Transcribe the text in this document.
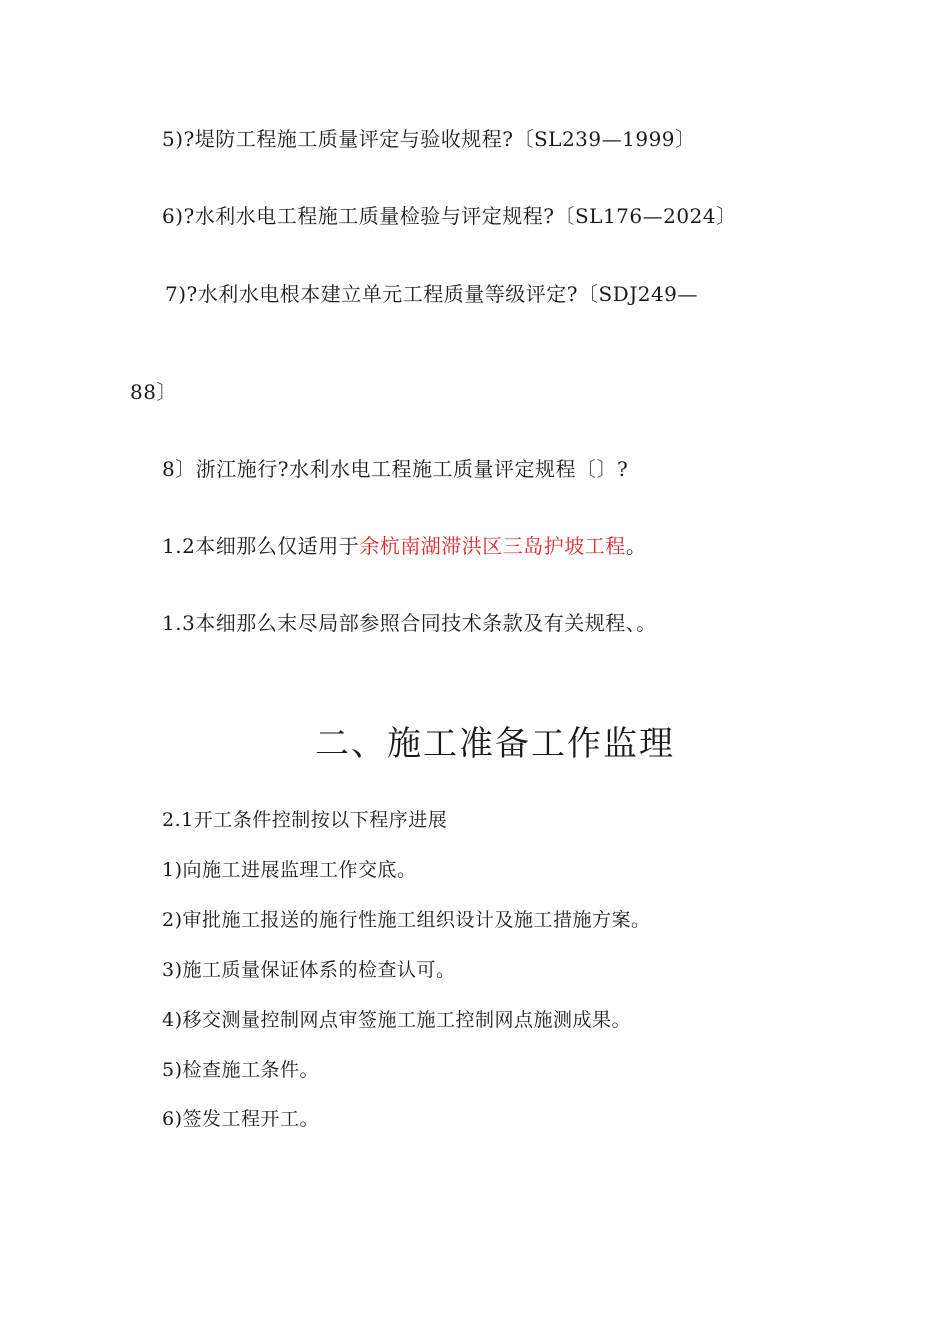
5)?堤防工程施工质量评定与验收规程?〔SL239—1999〕
6)?水利水电工程施工质量检验与评定规程?〔SL176—2024〕
7)?水利水电根本建立单元工程质量等级评定?〔SDJ249—
88〕
8〕浙江施行?水利水电工程施工质量评定规程〔〕?
1.2本细那么仅适用于余杭南湖滞洪区三岛护坡工程。
1.3本细那么末尽局部参照合同技术条款及有关规程、。
二、施工准备工作监理
2.1开工条件控制按以下程序进展
1)向施工进展监理工作交底。
2)审批施工报送的施行性施工组织设计及施工措施方案。
3)施工质量保证体系的检查认可。
4)移交测量控制网点审签施工施工控制网点施测成果。
5)检查施工条件。
6)签发工程开工。
